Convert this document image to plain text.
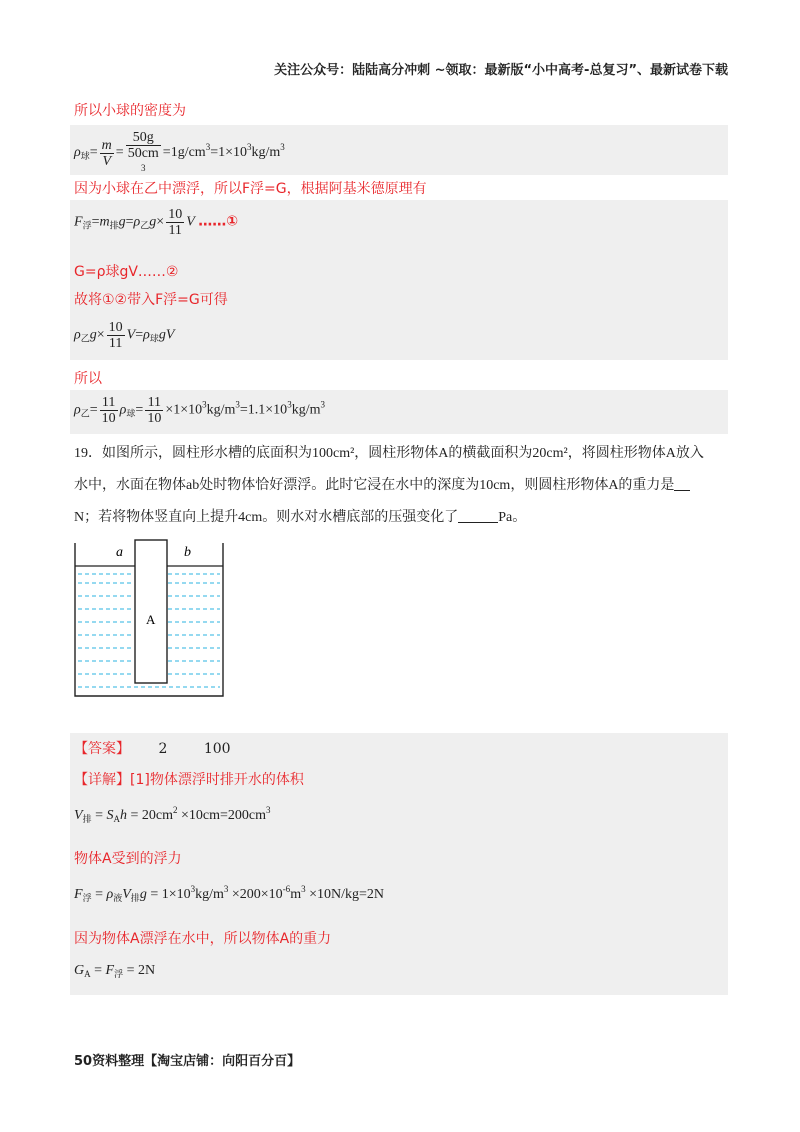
关注公众号：陆陆高分冲刺 ~领取：最新版“小中高考-总复习”、最新试卷下载
所以小球的密度为
$\rho_球= \frac{m}{V} = 50g$
50cm
$3 =1g/cm^3=1\times 10^3kg/m^3$
因为小球在乙中漂浮，所以F浮=G，根据阿基米德原理有
$F_浮=m_排g=\rho_乙g\times \frac{10}{11}$ V ……①
G=ρ球gV……②
故将①②带入F浮=G可得
$\rho_乙g\times \frac{10}{11} V=\rho_球gV$
所以
$\rho_乙= \frac{11}{10} \rho_球= \frac{11}{10} \times 1\times 10^3kg/m^3=1.1\times 10^3kg/m^3$
19．如图所示，圆柱形水槽的底面积为100cm²，圆柱形物体A的横截面积为20cm²，将圆柱形物体A放入
水中，水面在物体ab处时物体恰好漂浮。此时它浸在水中的深度为10cm，则圆柱形物体A的重力是
N；若将物体竖直向上提升4cm。则水对水槽底部的压强变化了	Pa。
a	b
A
【答案】 2	100
【详解】[1]物体漂浮时排开水的体积
$V_排 = S_Ah = 20cm^2 \times 10cm=200cm^3$
物体A受到的浮力
$F_浮 = \rho_液V_排g = 1\times 10^3kg/m^3 \times 200\times 10^{-6}m^3 \times 10N/kg=2N$
因为物体A漂浮在水中，所以物体A的重力
$G_A = F_浮 = 2N$
50资料整理【淘宝店铺：向阳百分百】
